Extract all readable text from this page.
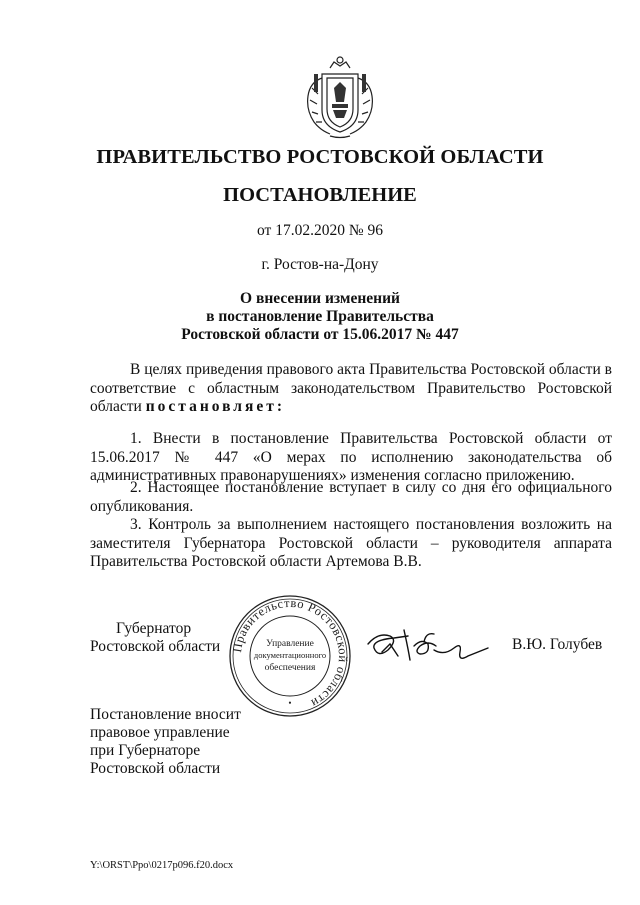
ПРАВИТЕЛЬСТВО РОСТОВСКОЙ ОБЛАСТИ
ПОСТАНОВЛЕНИЕ
от 17.02.2020 № 96
г. Ростов-на-Дону
О внесении изменений
в постановление Правительства
Ростовской области от 15.06.2017 № 447
В целях приведения правового акта Правительства Ростовской области в соответствие с областным законодательством Правительство Ростовской области постановляет:
1. Внести в постановление Правительства Ростовской области от 15.06.2017 № 447 «О мерах по исполнению законодательства об административных правонарушениях» изменения согласно приложению.
2. Настоящее постановление вступает в силу со дня его официального опубликования.
3. Контроль за выполнением настоящего постановления возложить на заместителя Губернатора Ростовской области – руководителя аппарата Правительства Ростовской области Артемова В.В.
Губернатор
Ростовской области Правительство Ростовской области
Управление
документационного
обеспечения
•
В.Ю. Голубев
Постановление вносит
правовое управление
при Губернаторе
Ростовской области
Y:\ORST\Ppo\0217p096.f20.docx
